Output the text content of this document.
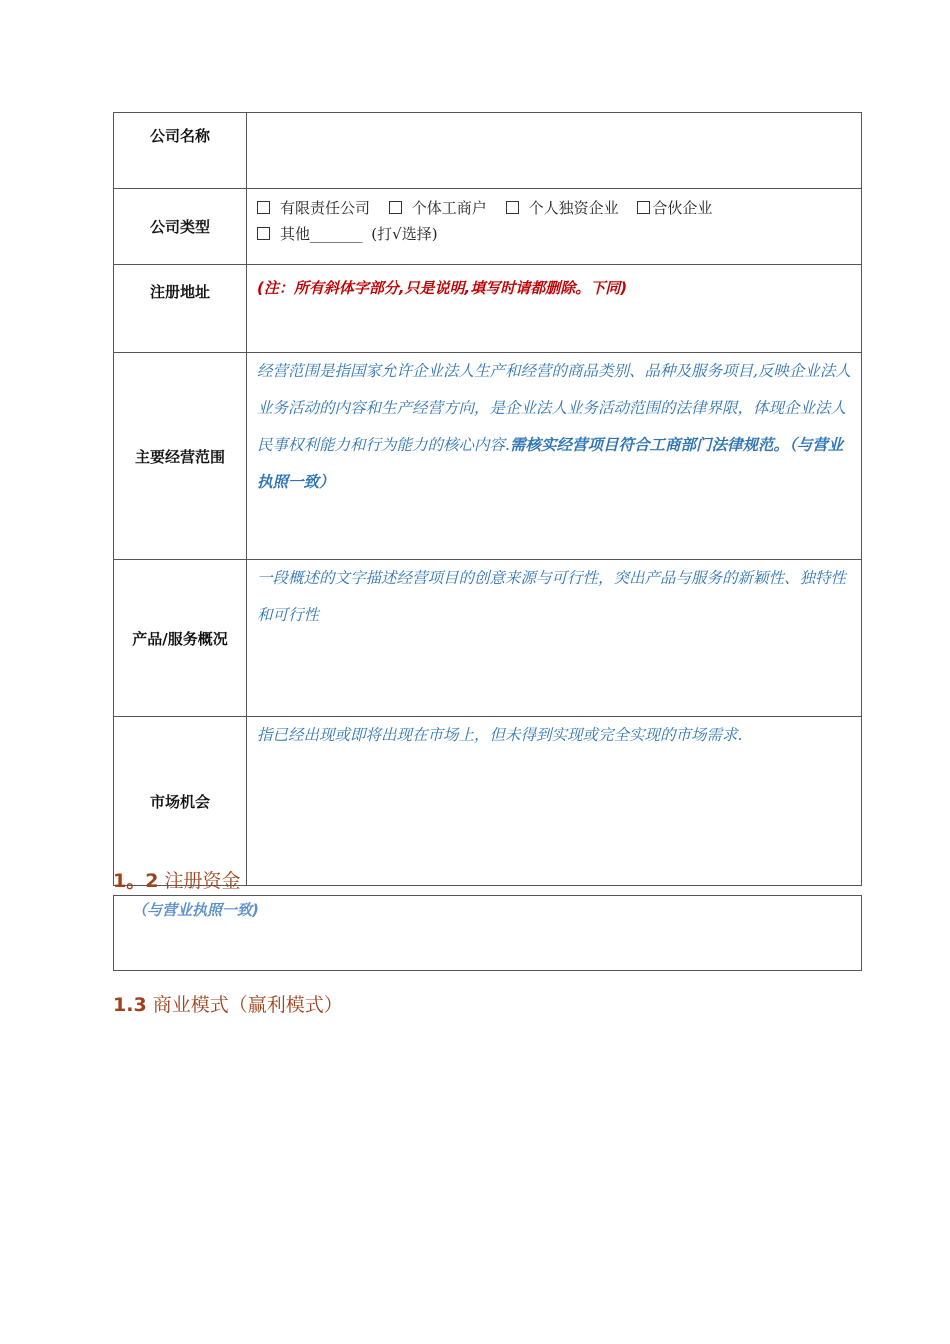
公司名称	
公司类型	有限责任公司 个体工商户 个人独资企业 合伙企业
其他_______ (打√选择)

注册地址	(注：所有斜体字部分,只是说明,填写时请都删除。下同)

主要经营范围	经营范围是指国家允许企业法人生产和经营的商品类别、品种及服务项目,反映企业法人业务活动的内容和生产经营方向，是企业法人业务活动范围的法律界限，体现企业法人民事权利能力和行为能力的核心内容.需核实经营项目符合工商部门法律规范。（与营业执照一致）

产品/服务概况	一段概述的文字描述经营项目的创意来源与可行性，突出产品与服务的新颖性、独特性和可行性

市场机会	指已经出现或即将出现在市场上，但未得到实现或完全实现的市场需求.
1。2 注册资金
（与营业执照一致)
1.3 商业模式（赢利模式）
